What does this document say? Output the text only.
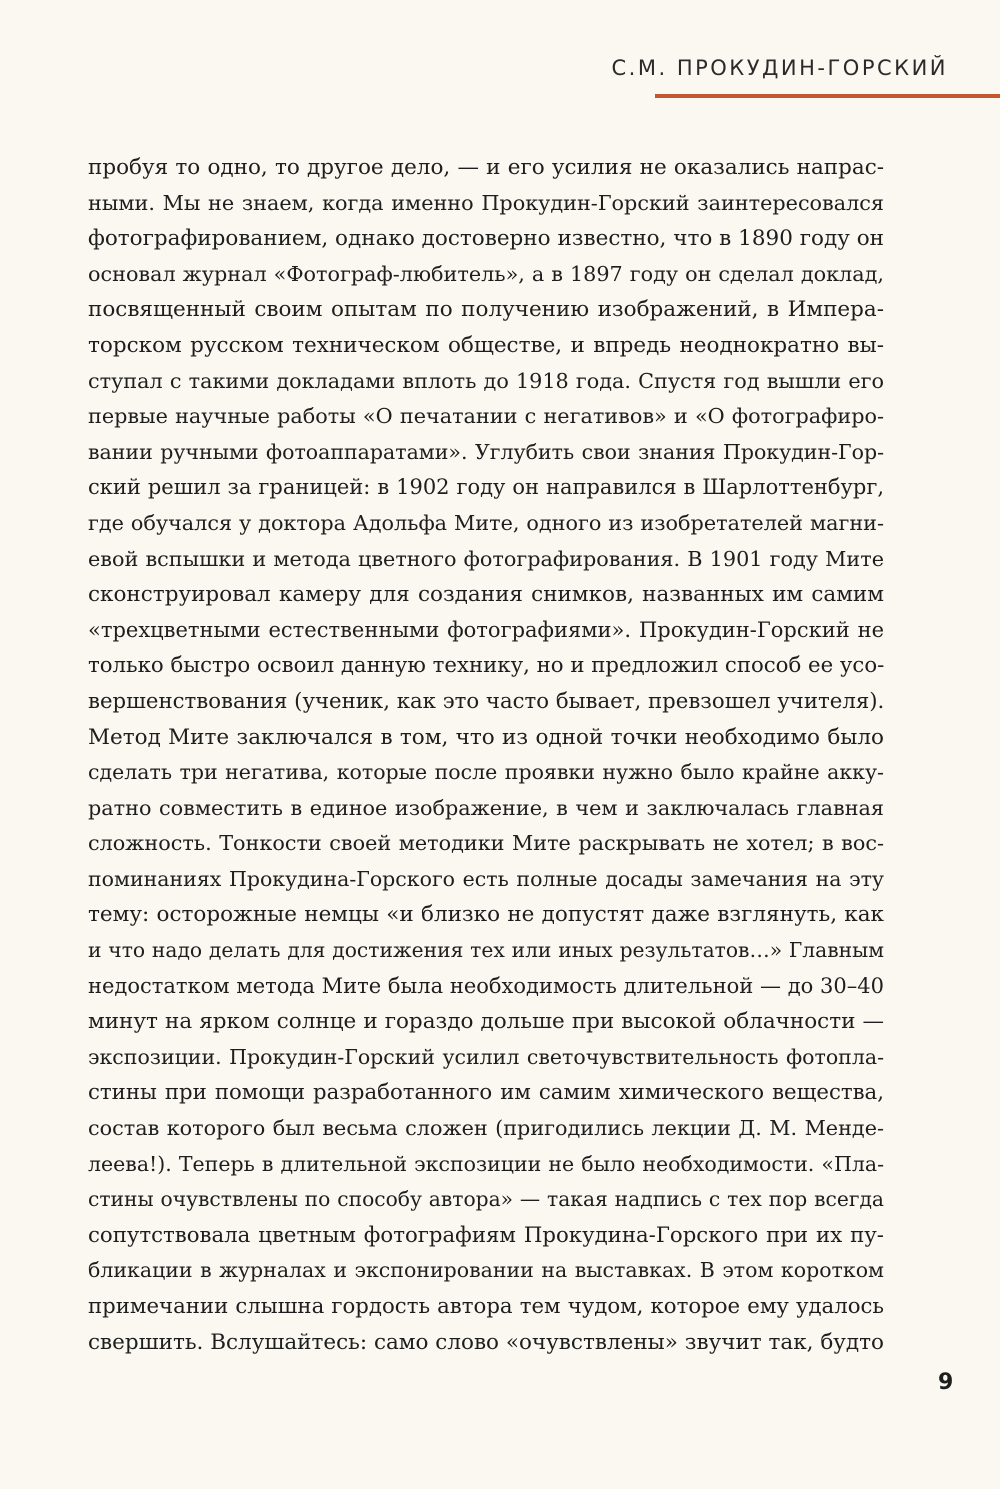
С.М. ПРОКУДИН-ГОРСКИЙ
пробуя то одно, то другое дело, — и его усилия не оказались напрас-
ными. Мы не знаем, когда именно Прокудин-Горский заинтересовался
фотографированием, однако достоверно известно, что в 1890 году он
основал журнал «Фотограф-любитель», а в 1897 году он сделал доклад,
посвященный своим опытам по получению изображений, в Импера-
торском русском техническом обществе, и впредь неоднократно вы-
ступал с такими докладами вплоть до 1918 года. Спустя год вышли его
первые научные работы «О печатании с негативов» и «О фотографиро-
вании ручными фотоаппаратами». Углубить свои знания Прокудин-Гор-
ский решил за границей: в 1902 году он направился в Шарлоттенбург,
где обучался у доктора Адольфа Мите, одного из изобретателей магни-
евой вспышки и метода цветного фотографирования. В 1901 году Мите
сконструировал камеру для создания снимков, названных им самим
«трехцветными естественными фотографиями». Прокудин-Горский не
только быстро освоил данную технику, но и предложил способ ее усо-
вершенствования (ученик, как это часто бывает, превзошел учителя).
Метод Мите заключался в том, что из одной точки необходимо было
сделать три негатива, которые после проявки нужно было крайне акку-
ратно совместить в единое изображение, в чем и заключалась главная
сложность. Тонкости своей методики Мите раскрывать не хотел; в вос-
поминаниях Прокудина-Горского есть полные досады замечания на эту
тему: осторожные немцы «и близко не допустят даже взглянуть, как
и что надо делать для достижения тех или иных результатов…» Главным
недостатком метода Мите была необходимость длительной — до 30–40
минут на ярком солнце и гораздо дольше при высокой облачности —
экспозиции. Прокудин-Горский усилил светочувствительность фотопла-
стины при помощи разработанного им самим химического вещества,
состав которого был весьма сложен (пригодились лекции Д. М. Менде-
леева!). Теперь в длительной экспозиции не было необходимости. «Пла-
стины очувствлены по способу автора» — такая надпись с тех пор всегда
сопутствовала цветным фотографиям Прокудина-Горского при их пу-
бликации в журналах и экспонировании на выставках. В этом коротком
примечании слышна гордость автора тем чудом, которое ему удалось
свершить. Вслушайтесь: само слово «очувствлены» звучит так, будто
9
